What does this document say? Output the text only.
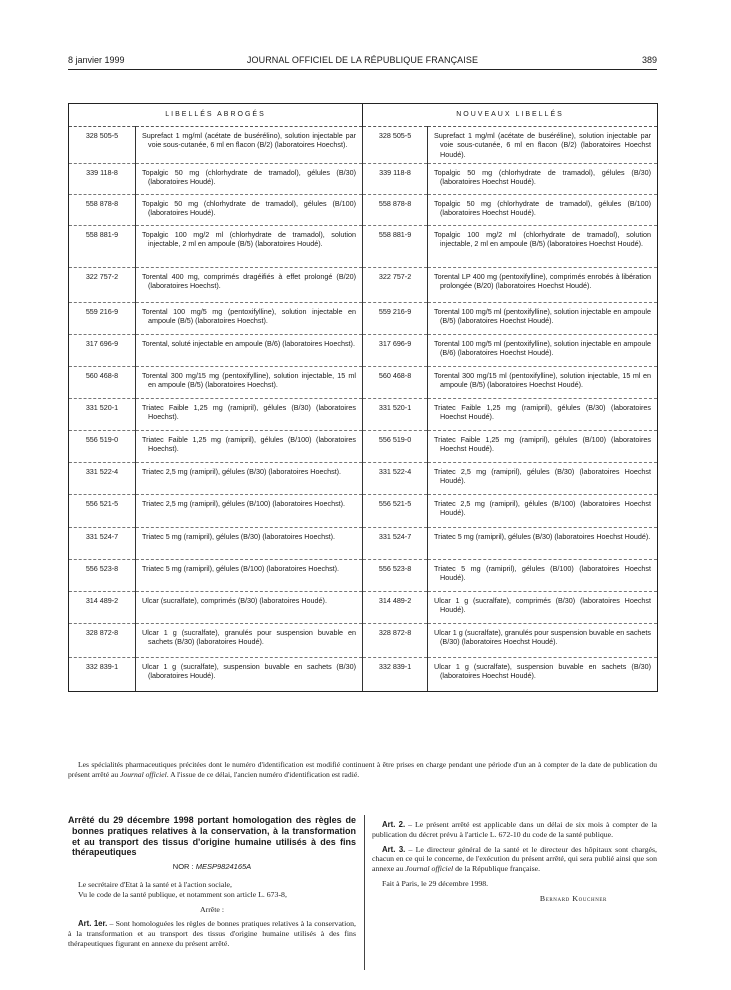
8 janvier 1999	JOURNAL OFFICIEL DE LA RÉPUBLIQUE FRANÇAISE	389
LIBELLÉS ABROGÉS		NOUVEAUX LIBELLÉS	
328 505-5	Suprefact 1 mg/ml (acétate de busérélino), solution injectable par voie sous-cutanée, 6 ml en flacon (B/2) (laboratoires Hoechst).	328 505-5	Suprefact 1 mg/ml (acétate de busérélinе), solution injectable par voie sous-cutanée, 6 ml en flacon (B/2) (laboratoires Hoechst Houdé).
339 118-8	Topalgic 50 mg (chlorhydrate de tramadol), gélules (B/30) (laboratoires Houdé).	339 118-8	Topalgic 50 mg (chlorhydrate de tramadol), gélules (B/30) (laboratoires Hoechst Houdé).
558 878-8	Topalgic 50 mg (chlorhydrate de tramadol), gélules (B/100) (laboratoires Houdé).	558 878-8	Topalgic 50 mg (chlorhydrate de tramadol), gélules (B/100) (laboratoires Hoechst Houdé).
558 881-9	Topalgic 100 mg/2 ml (chlorhydrate de tramadol), solution injectable, 2 ml en ampoule (B/5) (laboratoires Houdé).	558 881-9	Topalgic 100 mg/2 ml (chlorhydrate de tramadol), solution injectable, 2 ml en ampoule (B/5) (laboratoires Hoechst Houdé).
322 757-2	Torental 400 mg, comprimés dragéifiés à effet prolongé (B/20) (laboratoires Hoechst).	322 757-2	Torental LP 400 mg (pentoxifylline), comprimés enrobés à libération prolongée (B/20) (laboratoires Hoechst Houdé).
559 216-9	Torental 100 mg/5 mg (pentoxifylline), solution injectable en ampoule (B/5) (laboratoires Hoechst).	559 216-9	Torental 100 mg/5 ml (pentoxifylline), solution injectable en ampoule (B/5) (laboratoires Hoechst Houdé).
317 696-9	Torental, soluté injectable en ampoule (B/6) (laboratoires Hoechst).	317 696-9	Torental 100 mg/5 ml (pentoxifylline), solution injectable en ampoule (B/6) (laboratoires Hoechst Houdé).
560 468-8	Torental 300 mg/15 mg (pentoxifylline), solution injectable, 15 ml en ampoule (B/5) (laboratoires Hoechst).	560 468-8	Torental 300 mg/15 ml (pentoxifylline), solution injectable, 15 ml en ampoule (B/5) (laboratoires Hoechst Houdé).
331 520-1	Triatec Faible 1,25 mg (ramipril), gélules (B/30) (laboratoires Hoechst).	331 520-1	Triatec Faible 1,25 mg (ramipril), gélules (B/30) (laboratoires Hoechst Houdé).
556 519-0	Triatec Faible 1,25 mg (ramipril), gélules (B/100) (laboratoires Hoechst).	556 519-0	Triatec Faible 1,25 mg (ramipril), gélules (B/100) (laboratoires Hoechst Houdé).
331 522-4	Triatec 2,5 mg (ramipril), gélules (B/30) (laboratoires Hoechst).	331 522-4	Triatec 2,5 mg (ramipril), gélules (B/30) (laboratoires Hoechst Houdé).
556 521-5	Triatec 2,5 mg (ramipril), gélules (B/100) (laboratoires Hoechst).	556 521-5	Triatec 2,5 mg (ramipril), gélules (B/100) (laboratoires Hoechst Houdé).
331 524-7	Triatec 5 mg (ramipril), gélules (B/30) (laboratoires Hoechst).	331 524-7	Triatec 5 mg (ramipril), gélules (B/30) (laboratoires Hoechst Houdé).
556 523-8	Triatec 5 mg (ramipril), gélules (B/100) (laboratoires Hoechst).	556 523-8	Triatec 5 mg (ramipril), gélules (B/100) (laboratoires Hoechst Houdé).
314 489-2	Ulcar (sucralfate), comprimés (B/30) (laboratoires Houdé).	314 489-2	Ulcar 1 g (sucralfate), comprimés (B/30) (laboratoires Hoechst Houdé).
328 872-8	Ulcar 1 g (sucralfate), granulés pour suspension buvable en sachets (B/30) (laboratoires Houdé).	328 872-8	Ulcar 1 g (sucralfate), granulés pour suspension buvable en sachets (B/30) (laboratoires Hoechst Houdé).
332 839-1	Ulcar 1 g (sucralfate), suspension buvable en sachets (B/30) (laboratoires Houdé).	332 839-1	Ulcar 1 g (sucralfate), suspension buvable en sachets (B/30) (laboratoires Hoechst Houdé).
Les spécialités pharmaceutiques précitées dont le numéro d'identification est modifié continuent à être prises en charge pendant une période d'un an à compter de la date de publication du présent arrêté au Journal officiel. A l'issue de ce délai, l'ancien numéro d'identification est radié.

Arrêté du 29 décembre 1998 portant homologation des règles de bonnes pratiques relatives à la conservation, à la transformation et au transport des tissus d'origine humaine utilisés à des fins thérapeutiques

NOR : MESP9824165A

Le secrétaire d'Etat à la santé et à l'action sociale,

Vu le code de la santé publique, et notamment son article L. 673-8,

Arrête :

Art. 1er. – Sont homologuées les règles de bonnes pratiques relatives à la conservation, à la transformation et au transport des tissus d'origine humaine utilisés à des fins thérapeutiques figurant en annexe du présent arrêté.

Art. 2. – Le présent arrêté est applicable dans un délai de six mois à compter de la publication du décret prévu à l'article L. 672-10 du code de la santé publique.

Art. 3. – Le directeur général de la santé et le directeur des hôpitaux sont chargés, chacun en ce qui le concerne, de l'exécution du présent arrêté, qui sera publié ainsi que son annexe au Journal officiel de la République française.

Fait à Paris, le 29 décembre 1998.

Bernard Kouchner
